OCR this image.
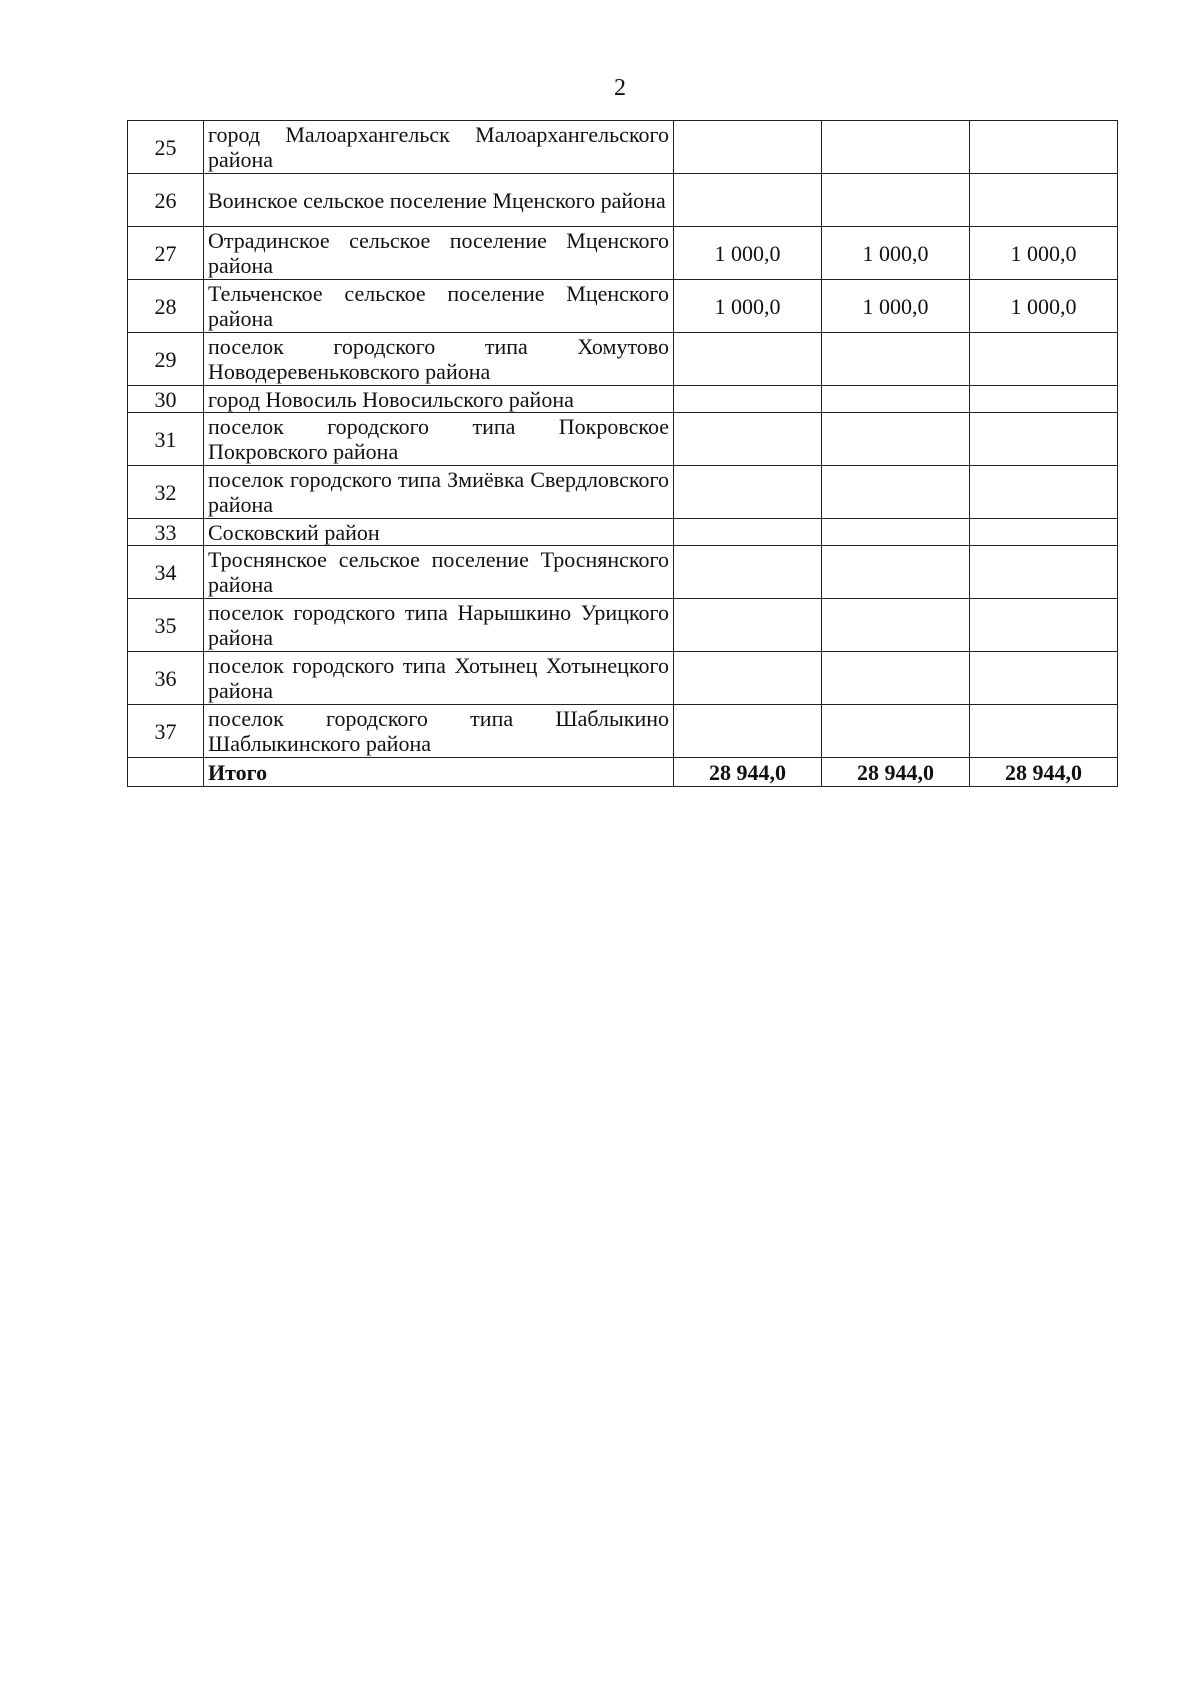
2
25	город Малоархангельск Малоархангельского района			
26	Воинское сельское поселение Мценского района			
27	Отрадинское сельское поселение Мценского района	1 000,0	1 000,0	1 000,0
28	Тельченское сельское поселение Мценского района	1 000,0	1 000,0	1 000,0
29	поселок городского типа Хомутово Новодеревеньковского района			
30	город Новосиль Новосильского района			
31	поселок городского типа Покровское Покровского района			
32	поселок городского типа Змиёвка Свердловского района			
33	Сосковский район			
34	Троснянское сельское поселение Троснянского района			
35	поселок городского типа Нарышкино Урицкого района			
36	поселок городского типа Хотынец Хотынецкого района			
37	поселок городского типа Шаблыкино Шаблыкинского района			
	Итого	28 944,0	28 944,0	28 944,0
